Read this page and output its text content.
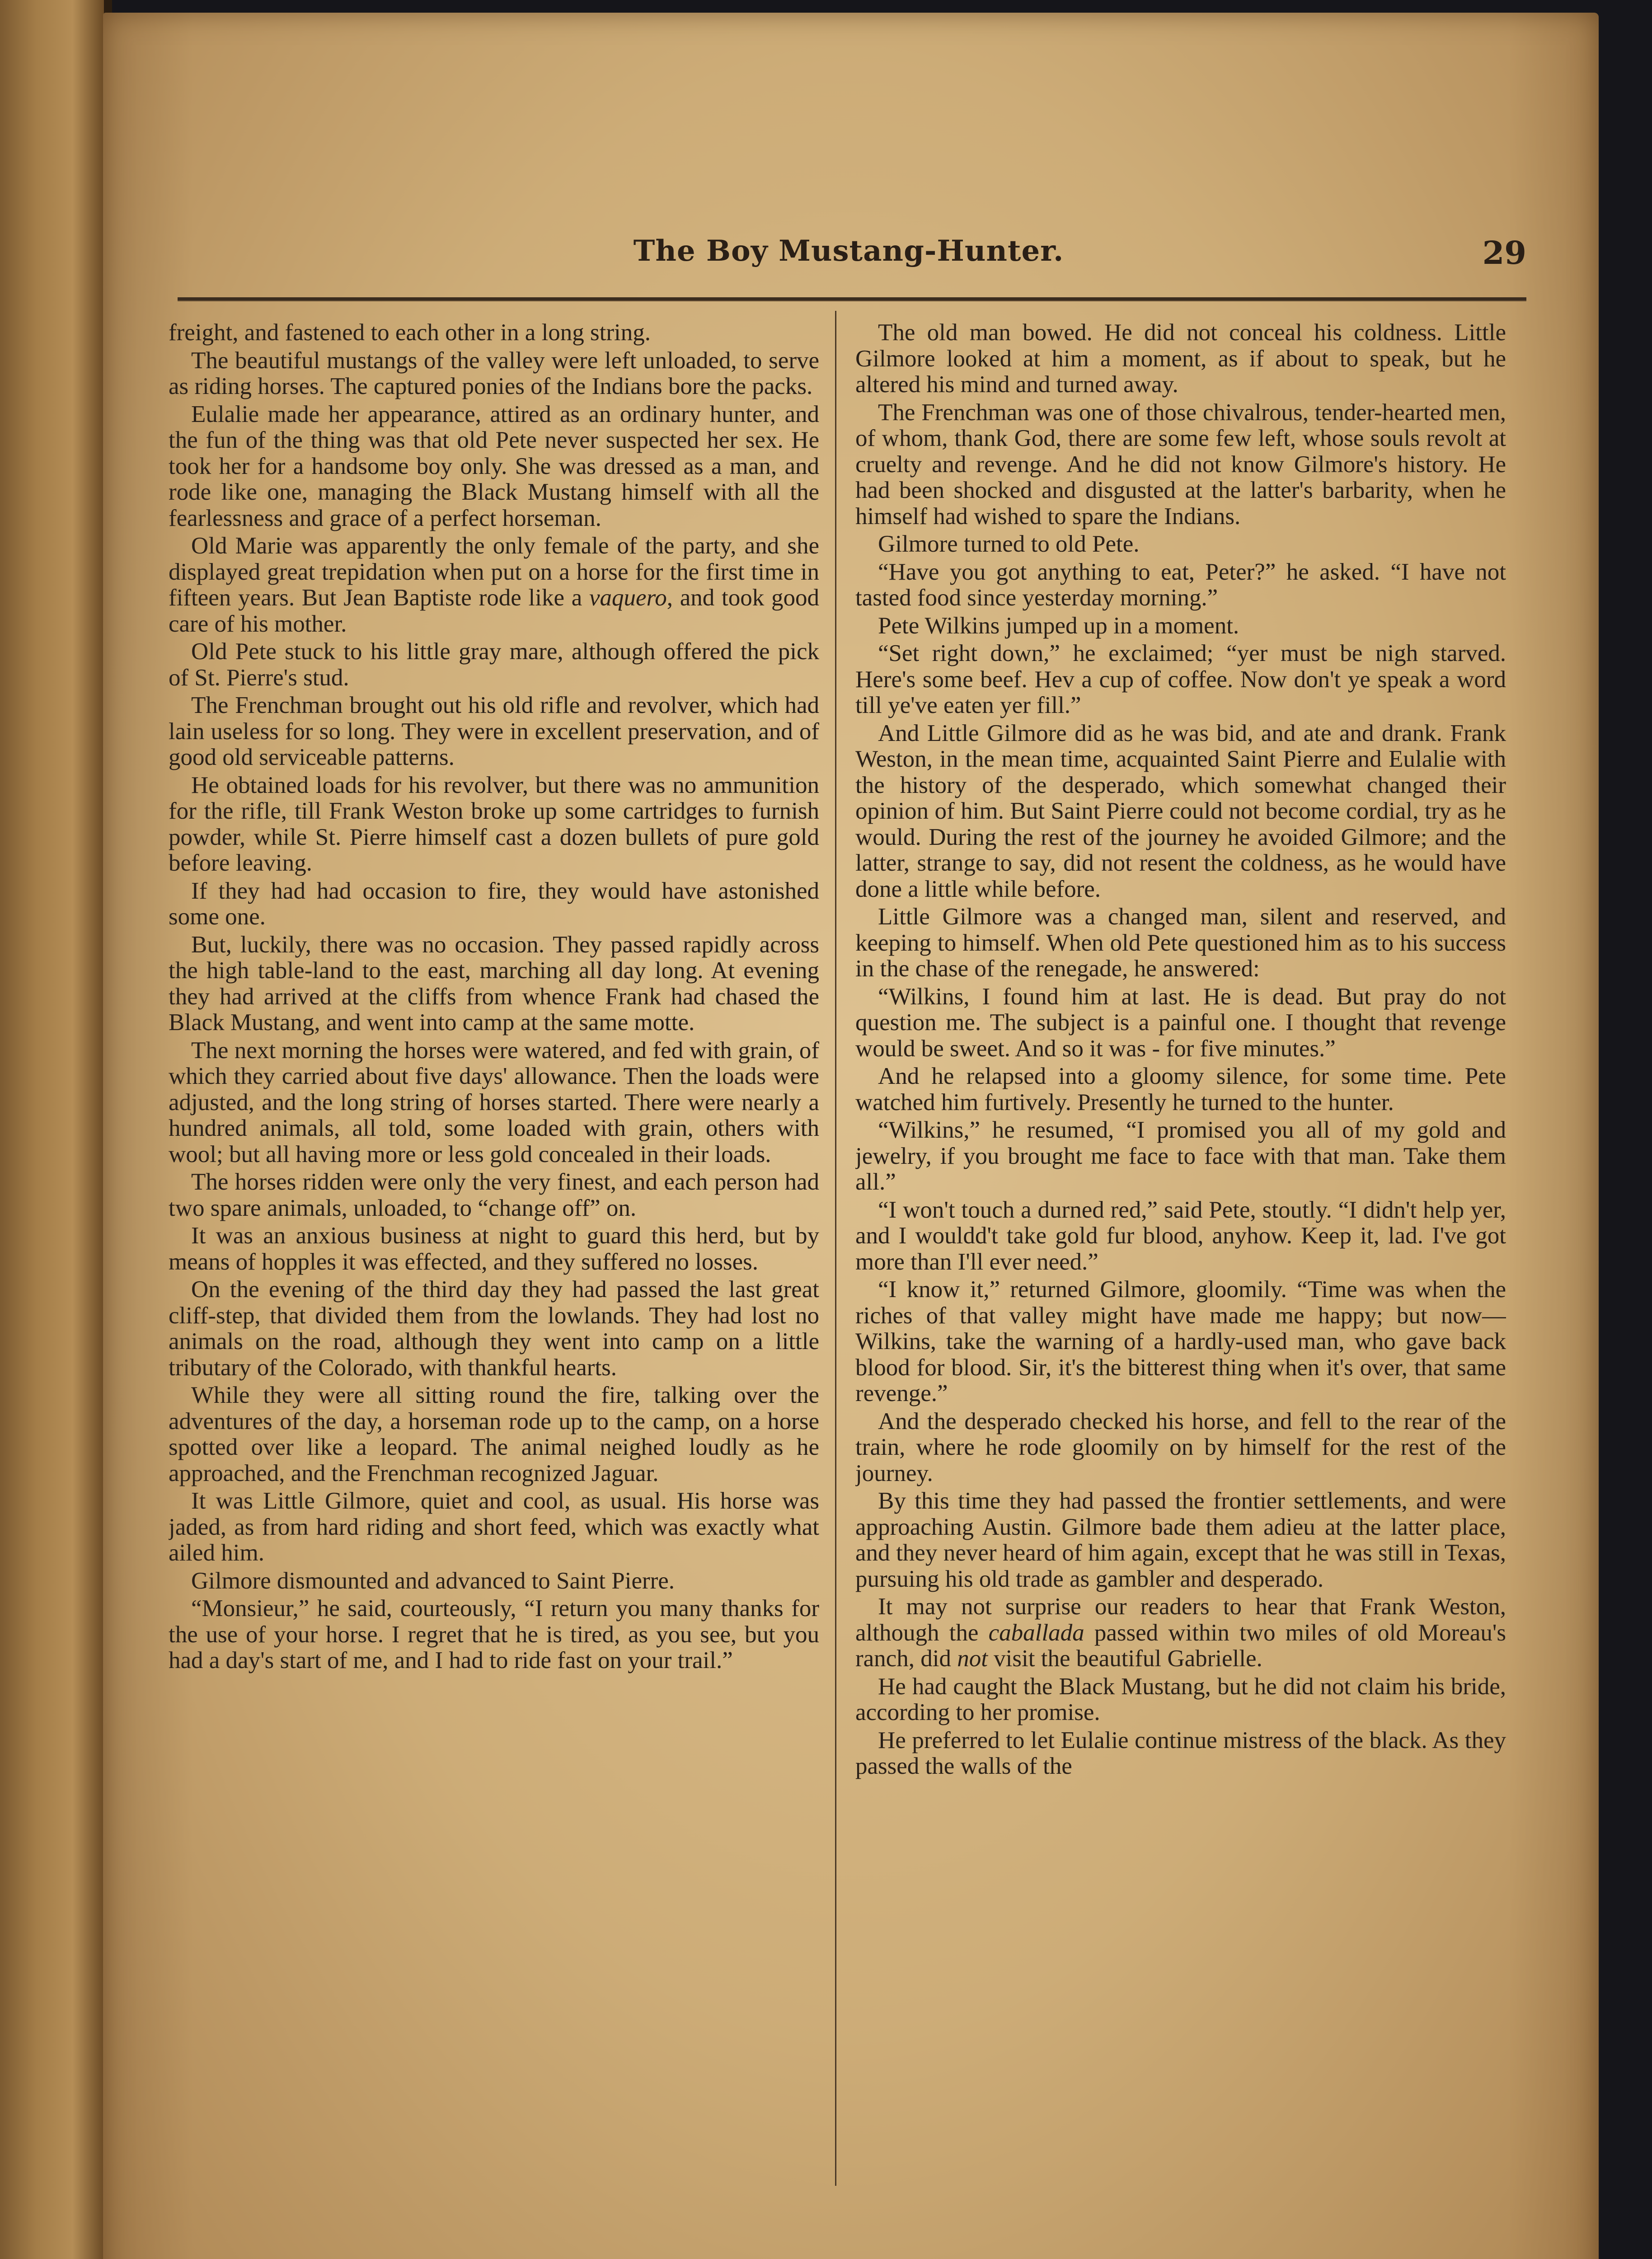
The Boy Mustang-Hunter.	29

freight, and fastened to each other in a long string.

The beautiful mustangs of the valley were left unloaded, to serve as riding horses. The captured ponies of the Indians bore the packs.

Eulalie made her appearance, attired as an ordinary hunter, and the fun of the thing was that old Pete never suspected her sex. He took her for a handsome boy only. She was dressed as a man, and rode like one, managing the Black Mustang himself with all the fearlessness and grace of a perfect horseman.

Old Marie was apparently the only female of the party, and she displayed great trepidation when put on a horse for the first time in fifteen years. But Jean Baptiste rode like a vaquero, and took good care of his mother.

Old Pete stuck to his little gray mare, although offered the pick of St. Pierre's stud.

The Frenchman brought out his old rifle and revolver, which had lain useless for so long. They were in excellent preservation, and of good old serviceable patterns.

He obtained loads for his revolver, but there was no ammunition for the rifle, till Frank Weston broke up some cartridges to furnish powder, while St. Pierre himself cast a dozen bullets of pure gold before leaving.

If they had had occasion to fire, they would have astonished some one.

But, luckily, there was no occasion. They passed rapidly across the high table-land to the east, marching all day long. At evening they had arrived at the cliffs from whence Frank had chased the Black Mustang, and went into camp at the same motte.

The next morning the horses were watered, and fed with grain, of which they carried about five days' allowance. Then the loads were adjusted, and the long string of horses started. There were nearly a hundred animals, all told, some loaded with grain, others with wool; but all having more or less gold concealed in their loads.

The horses ridden were only the very finest, and each person had two spare animals, unloaded, to “change off” on.

It was an anxious business at night to guard this herd, but by means of hopples it was effected, and they suffered no losses.

On the evening of the third day they had passed the last great cliff-step, that divided them from the lowlands. They had lost no animals on the road, although they went into camp on a little tributary of the Colorado, with thankful hearts.

While they were all sitting round the fire, talking over the adventures of the day, a horseman rode up to the camp, on a horse spotted over like a leopard. The animal neighed loudly as he approached, and the Frenchman recognized Jaguar.

It was Little Gilmore, quiet and cool, as usual. His horse was jaded, as from hard riding and short feed, which was exactly what ailed him.

Gilmore dismounted and advanced to Saint Pierre.

“Monsieur,” he said, courteously, “I return you many thanks for the use of your horse. I regret that he is tired, as you see, but you had a day's start of me, and I had to ride fast on your trail.”

The old man bowed. He did not conceal his coldness. Little Gilmore looked at him a moment, as if about to speak, but he altered his mind and turned away.

The Frenchman was one of those chivalrous, tender-hearted men, of whom, thank God, there are some few left, whose souls revolt at cruelty and revenge. And he did not know Gilmore's history. He had been shocked and disgusted at the latter's barbarity, when he himself had wished to spare the Indians.

Gilmore turned to old Pete.

“Have you got anything to eat, Peter?” he asked. “I have not tasted food since yesterday morning.”

Pete Wilkins jumped up in a moment.

“Set right down,” he exclaimed; “yer must be nigh starved. Here's some beef. Hev a cup of coffee. Now don't ye speak a word till ye've eaten yer fill.”

And Little Gilmore did as he was bid, and ate and drank. Frank Weston, in the mean time, acquainted Saint Pierre and Eulalie with the history of the desperado, which somewhat changed their opinion of him. But Saint Pierre could not become cordial, try as he would. During the rest of the journey he avoided Gilmore; and the latter, strange to say, did not resent the coldness, as he would have done a little while before.

Little Gilmore was a changed man, silent and reserved, and keeping to himself. When old Pete questioned him as to his success in the chase of the renegade, he answered:

“Wilkins, I found him at last. He is dead. But pray do not question me. The subject is a painful one. I thought that revenge would be sweet. And so it was - for five minutes.”

And he relapsed into a gloomy silence, for some time. Pete watched him furtively. Presently he turned to the hunter.

“Wilkins,” he resumed, “I promised you all of my gold and jewelry, if you brought me face to face with that man. Take them all.”

“I won't touch a durned red,” said Pete, stoutly. “I didn't help yer, and I wouldd't take gold fur blood, anyhow. Keep it, lad. I've got more than I'll ever need.”

“I know it,” returned Gilmore, gloomily. “Time was when the riches of that valley might have made me happy; but now—Wilkins, take the warning of a hardly-used man, who gave back blood for blood. Sir, it's the bitterest thing when it's over, that same revenge.”

And the desperado checked his horse, and fell to the rear of the train, where he rode gloomily on by himself for the rest of the journey.

By this time they had passed the frontier settlements, and were approaching Austin. Gilmore bade them adieu at the latter place, and they never heard of him again, except that he was still in Texas, pursuing his old trade as gambler and desperado.

It may not surprise our readers to hear that Frank Weston, although the caballada passed within two miles of old Moreau's ranch, did not visit the beautiful Gabrielle.

He had caught the Black Mustang, but he did not claim his bride, according to her promise.

He preferred to let Eulalie continue mistress of the black. As they passed the walls of the
